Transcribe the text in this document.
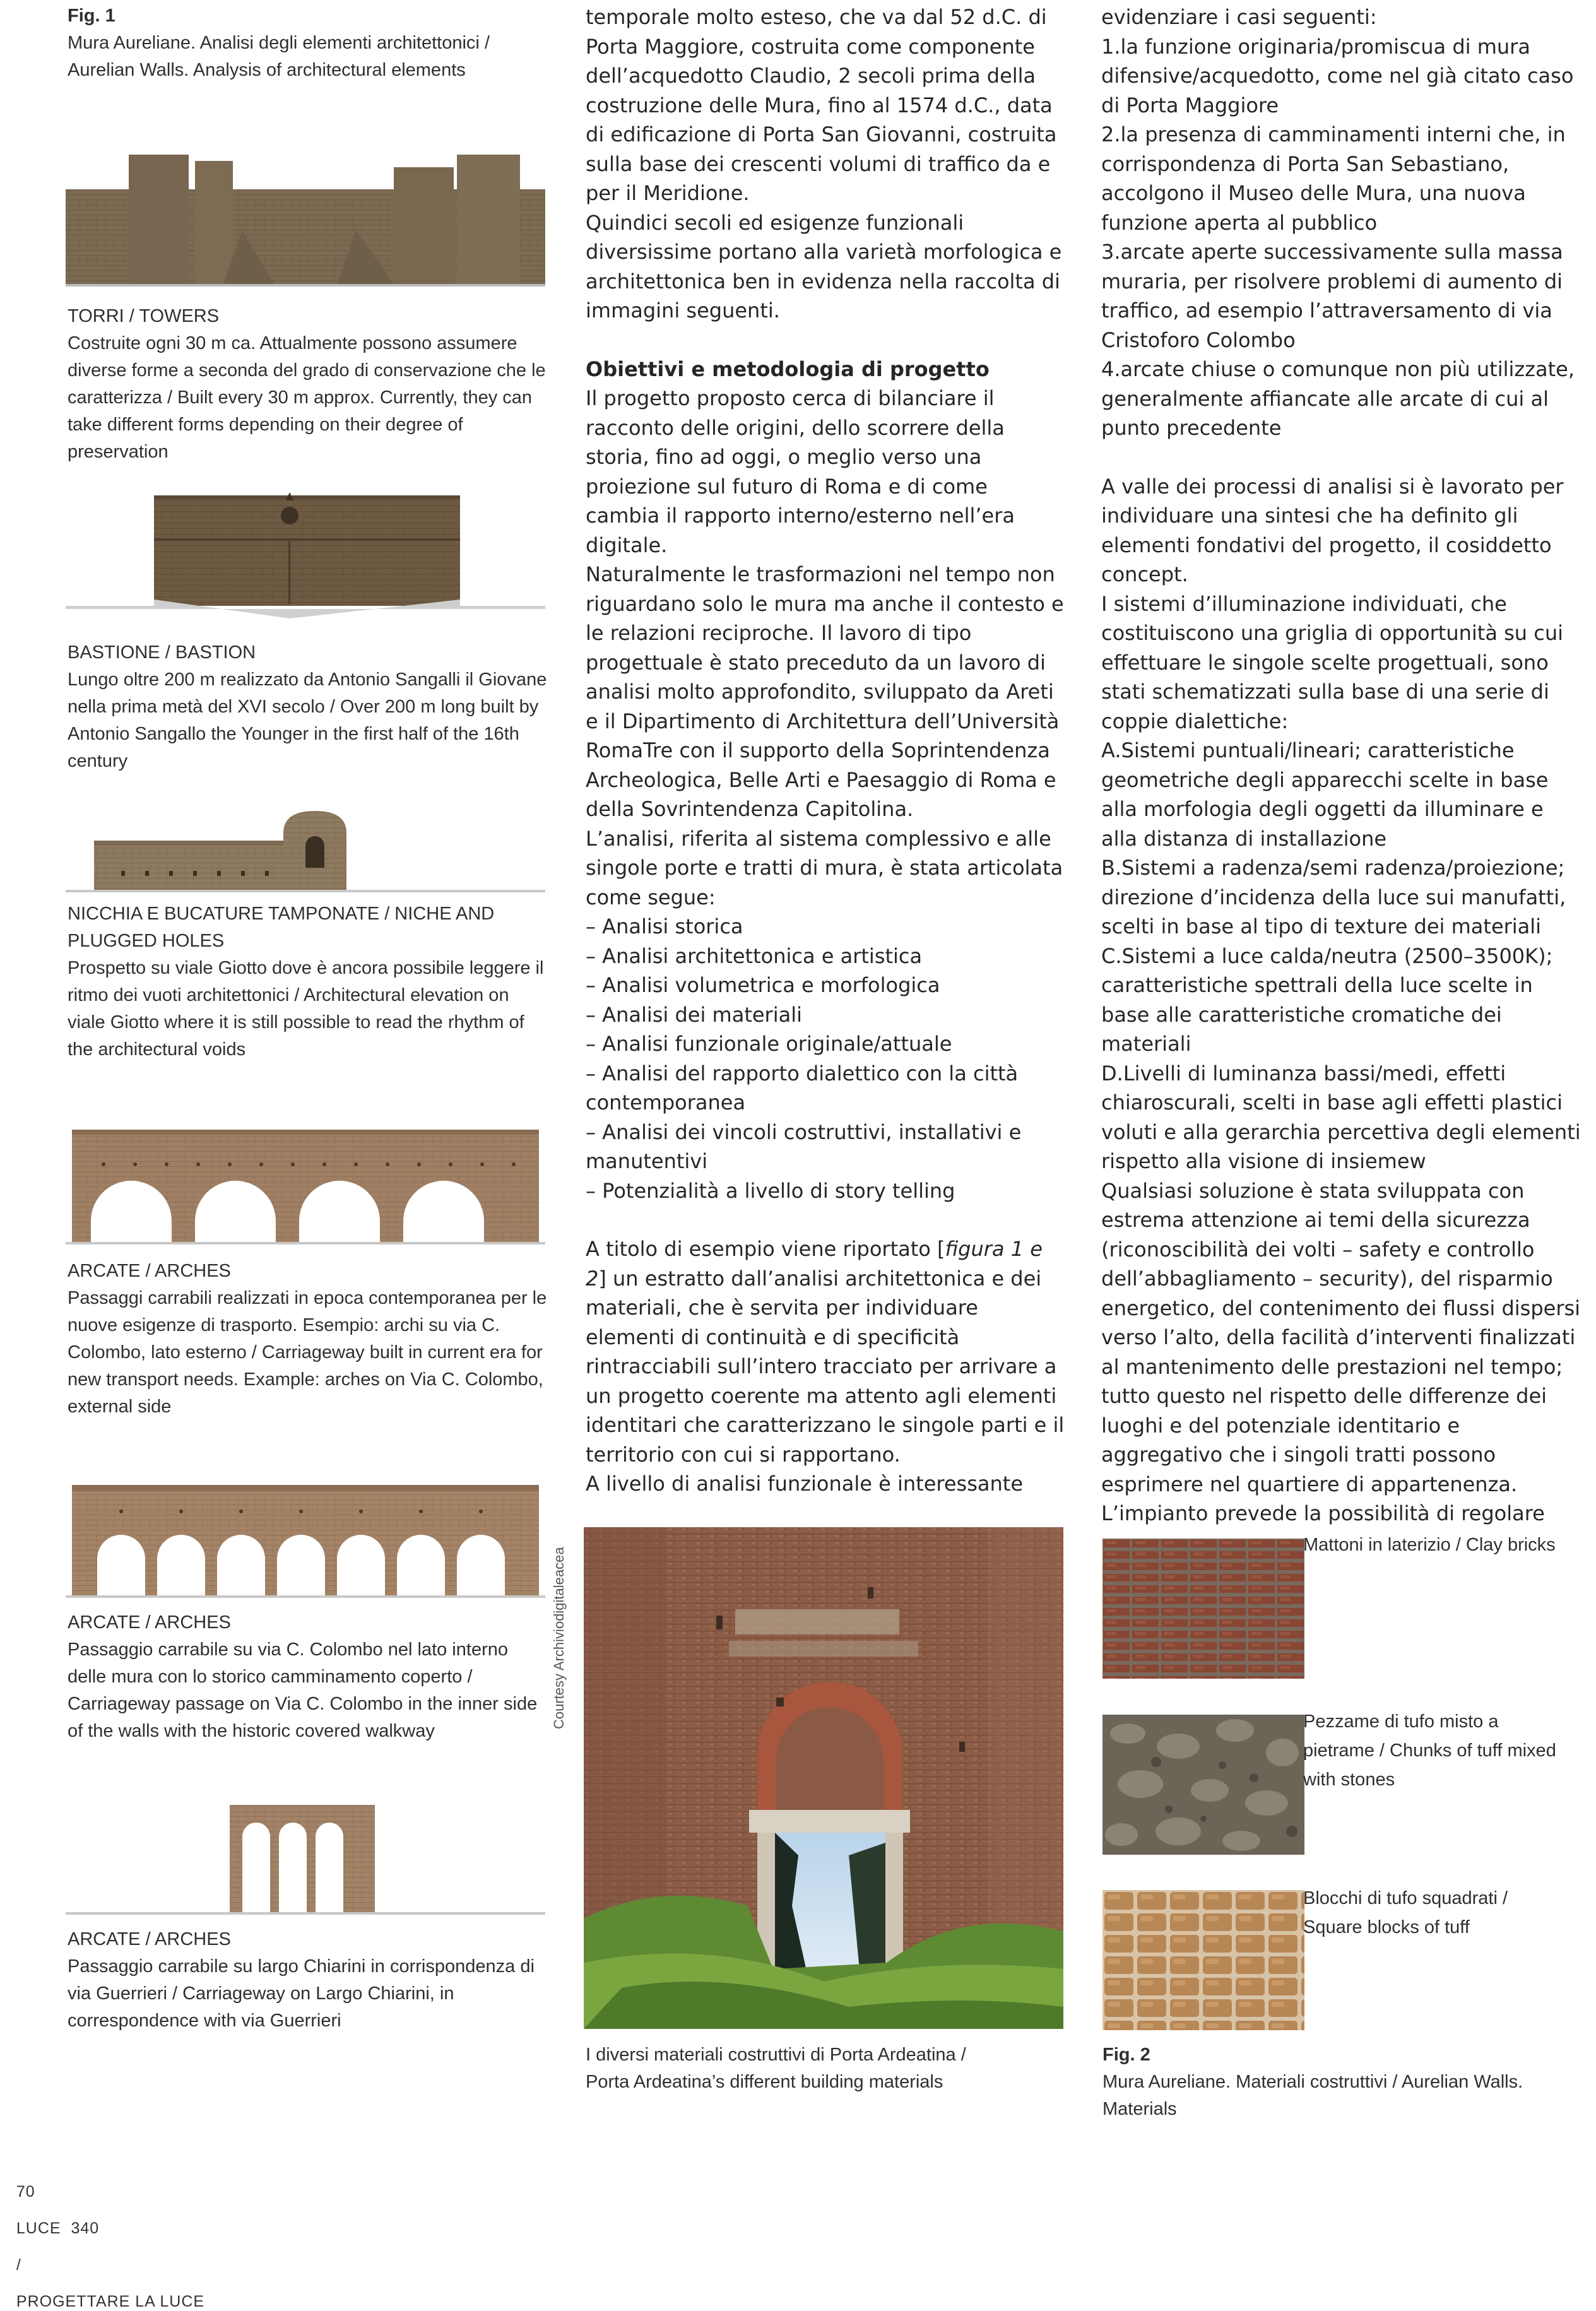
Fig. 1
Mura Aureliane. Analisi degli elementi architettonici / Aurelian Walls. Analysis of architectural elements
TORRI / TOWERS
Costruite ogni 30 m ca. Attualmente possono assumere diverse forme a seconda del grado di conservazione che le caratterizza / Built every 30 m approx. Currently, they can take different forms depending on their degree of preservation
BASTIONE / BASTION
Lungo oltre 200 m realizzato da Antonio Sangalli il Giovane nella prima metà del XVI secolo / Over 200 m long built by Antonio Sangallo the Younger in the first half of the 16th century
NICCHIA E BUCATURE TAMPONATE / NICHE AND PLUGGED HOLES
Prospetto su viale Giotto dove è ancora possibile leggere il ritmo dei vuoti architettonici / Architectural elevation on viale Giotto where it is still possible to read the rhythm of the architectural voids
ARCATE / ARCHES
Passaggi carrabili realizzati in epoca contemporanea per le nuove esigenze di trasporto. Esempio: archi su via C. Colombo, lato esterno / Carriageway built in current era for new transport needs. Example: arches on Via C. Colombo, external side
ARCATE / ARCHES
Passaggio carrabile su via C. Colombo nel lato interno delle mura con lo storico camminamento coperto / Carriageway passage on Via C. Colombo in the inner side of the walls with the historic covered walkway
ARCATE / ARCHES
Passaggio carrabile su largo Chiarini in corrispondenza di via Guerrieri / Carriageway on Largo Chiarini, in correspondence with via Guerrieri

temporale molto esteso, che va dal 52 d.C. di Porta Maggiore, costruita come componente dell’acquedotto Claudio, 2 secoli prima della costruzione delle Mura, fino al 1574 d.C., data di edificazione di Porta San Giovanni, costruita sulla base dei crescenti volumi di traffico da e per il Meridione.

Quindici secoli ed esigenze funzionali diversissime portano alla varietà morfologica e architettonica ben in evidenza nella raccolta di immagini seguenti.

Obiettivi e metodologia di progetto

Il progetto proposto cerca di bilanciare il racconto delle origini, dello scorrere della storia, fino ad oggi, o meglio verso una proiezione sul futuro di Roma e di come cambia il rapporto interno/esterno nell’era digitale.

Naturalmente le trasformazioni nel tempo non riguardano solo le mura ma anche il contesto e le relazioni reciproche. Il lavoro di tipo progettuale è stato preceduto da un lavoro di analisi molto approfondito, sviluppato da Areti e il Dipartimento di Architettura dell’Università RomaTre con il supporto della Soprintendenza Archeologica, Belle Arti e Paesaggio di Roma e della Sovrintendenza Capitolina.

L’analisi, riferita al sistema complessivo e alle singole porte e tratti di mura, è stata articolata come segue:

– Analisi storica

– Analisi architettonica e artistica

– Analisi volumetrica e morfologica

– Analisi dei materiali

– Analisi funzionale originale/attuale

– Analisi del rapporto dialettico con la città contemporanea

– Analisi dei vincoli costruttivi, installativi e manutentivi

– Potenzialità a livello di story telling

A titolo di esempio viene riportato [figura 1 e 2] un estratto dall’analisi architettonica e dei materiali, che è servita per individuare elementi di continuità e di specificità rintracciabili sull’intero tracciato per arrivare a un progetto coerente ma attento agli elementi identitari che caratterizzano le singole parti e il territorio con cui si rapportano.

A livello di analisi funzionale è interessante

evidenziare i casi seguenti:

1.la funzione originaria/promiscua di mura difensive/acquedotto, come nel già citato caso di Porta Maggiore

2.la presenza di camminamenti interni che, in corrispondenza di Porta San Sebastiano, accolgono il Museo delle Mura, una nuova funzione aperta al pubblico

3.arcate aperte successivamente sulla massa muraria, per risolvere problemi di aumento di traffico, ad esempio l’attraversamento di via Cristoforo Colombo

4.arcate chiuse o comunque non più utilizzate, generalmente affiancate alle arcate di cui al punto precedente

A valle dei processi di analisi si è lavorato per individuare una sintesi che ha definito gli elementi fondativi del progetto, il cosiddetto concept.

I sistemi d’illuminazione individuati, che costituiscono una griglia di opportunità su cui effettuare le singole scelte progettuali, sono stati schematizzati sulla base di una serie di coppie dialettiche:

A.Sistemi puntuali/lineari; caratteristiche geometriche degli apparecchi scelte in base alla morfologia degli oggetti da illuminare e alla distanza di installazione

B.Sistemi a radenza/semi radenza/proiezione; direzione d’incidenza della luce sui manufatti, scelti in base al tipo di texture dei materiali

C.Sistemi a luce calda/neutra (2500–3500K); caratteristiche spettrali della luce scelte in base alle caratteristiche cromatiche dei materiali

D.Livelli di luminanza bassi/medi, effetti chiaroscurali, scelti in base agli effetti plastici voluti e alla gerarchia percettiva degli elementi rispetto alla visione di insiemew

Qualsiasi soluzione è stata sviluppata con estrema attenzione ai temi della sicurezza (riconoscibilità dei volti – safety e controllo dell’abbagliamento – security), del risparmio energetico, del contenimento dei flussi dispersi verso l’alto, della facilità d’interventi finalizzati al mantenimento delle prestazioni nel tempo; tutto questo nel rispetto delle differenze dei luoghi e del potenziale identitario e aggregativo che i singoli tratti possono esprimere nel quartiere di appartenenza.

L’impianto prevede la possibilità di regolare

Courtesy Archiviodigitaleacea
I diversi materiali costruttivi di Porta Ardeatina / Porta Ardeatina’s different building materials
Mattoni in laterizio / Clay bricks
Pezzame di tufo misto a pietrame / Chunks of tuff mixed with stones
Blocchi di tufo squadrati / Square blocks of tuff
Fig. 2
Mura Aureliane. Materiali costruttivi / Aurelian Walls. Materials

70

LUCE  340

/

PROGETTARE LA LUCE
